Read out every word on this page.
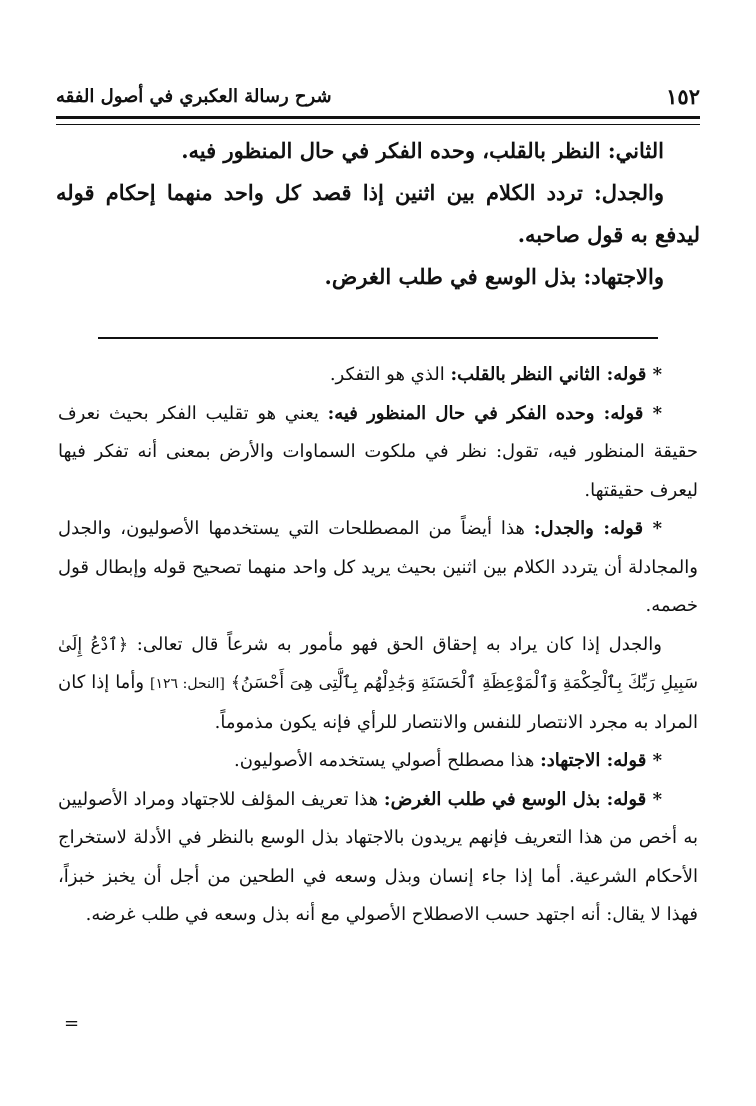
١٥٢
شرح رسالة العكبري في أصول الفقه

الثاني: النظر بالقلب، وحده الفكر في حال المنظور فيه.

والجدل: تردد الكلام بين اثنين إذا قصد كل واحد منهما إحكام قوله ليدفع به قول صاحبه.

والاجتهاد: بذل الوسع في طلب الغرض.

* قوله: الثاني النظر بالقلب: الذي هو التفكر.

* قوله: وحده الفكر في حال المنظور فيه: يعني هو تقليب الفكر بحيث نعرف حقيقة المنظور فيه، تقول: نظر في ملكوت السماوات والأرض بمعنى أنه تفكر فيها ليعرف حقيقتها.

* قوله: والجدل: هذا أيضاً من المصطلحات التي يستخدمها الأصوليون، والجدل والمجادلة أن يتردد الكلام بين اثنين بحيث يريد كل واحد منهما تصحيح قوله وإبطال قول خصمه.

والجدل إذا كان يراد به إحقاق الحق فهو مأمور به شرعاً قال تعالى: ﴿ٱدْعُ إِلَىٰ سَبِيلِ رَبِّكَ بِٱلْحِكْمَةِ وَٱلْمَوْعِظَةِ ٱلْحَسَنَةِ وَجَٰدِلْهُم بِٱلَّتِى هِىَ أَحْسَنُ﴾ [النحل: ١٢٦] وأما إذا كان المراد به مجرد الانتصار للنفس والانتصار للرأي فإنه يكون مذموماً.

* قوله: الاجتهاد: هذا مصطلح أصولي يستخدمه الأصوليون.

* قوله: بذل الوسع في طلب الغرض: هذا تعريف المؤلف للاجتهاد ومراد الأصوليين به أخص من هذا التعريف فإنهم يريدون بالاجتهاد بذل الوسع بالنظر في الأدلة لاستخراج الأحكام الشرعية. أما إذا جاء إنسان وبذل وسعه في الطحين من أجل أن يخبز خبزاً، فهذا لا يقال: أنه اجتهد حسب الاصطلاح الأصولي مع أنه بذل وسعه في طلب غرضه.

=
